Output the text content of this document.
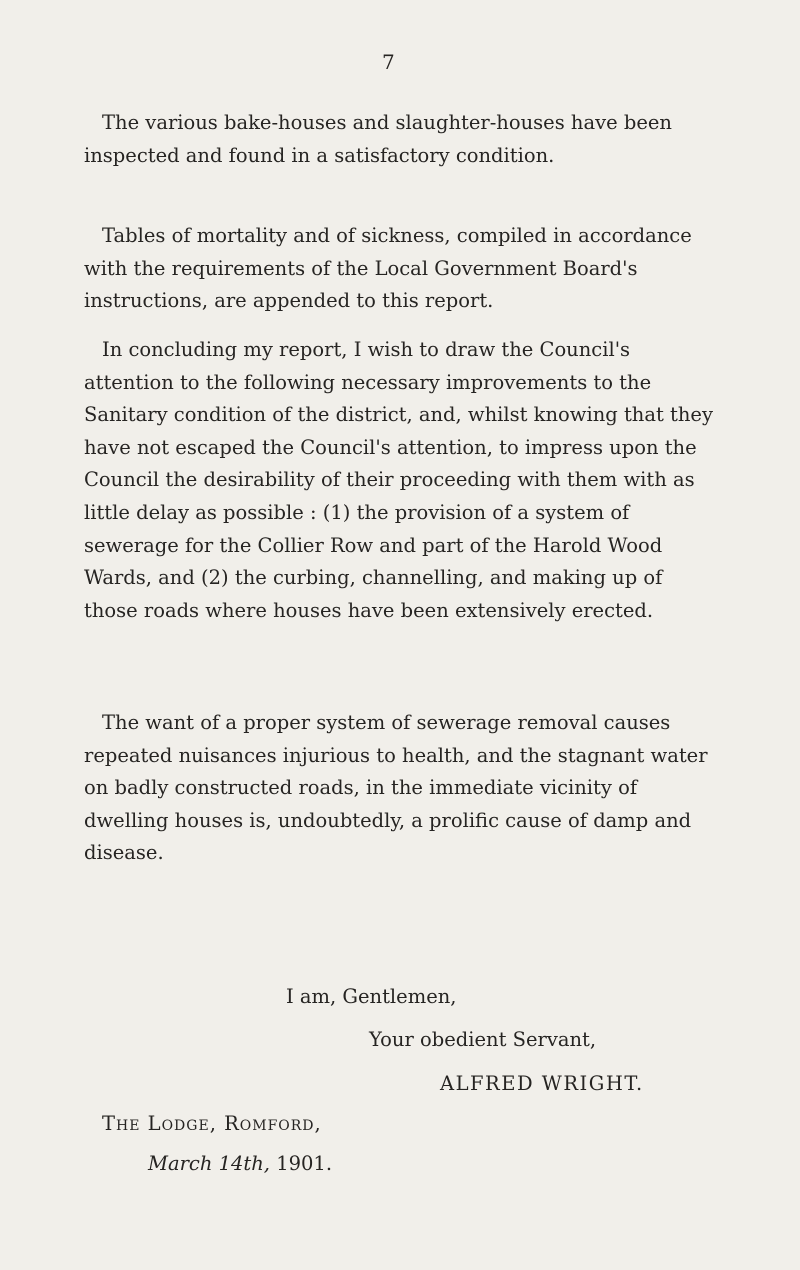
7

The various bake-houses and slaughter-houses have been inspected and found in a satisfactory condition.

Tables of mortality and of sickness, compiled in accordance with the requirements of the Local Government Board's instructions, are appended to this report.

In concluding my report, I wish to draw the Council's attention to the following necessary improvements to the Sanitary condition of the district, and, whilst knowing that they have not escaped the Council's attention, to impress upon the Council the desirability of their proceeding with them with as little delay as possible : (1) the provision of a system of sewerage for the Collier Row and part of the Harold Wood Wards, and (2) the curbing, channelling, and making up of those roads where houses have been extensively erected.

The want of a proper system of sewerage removal causes repeated nuisances injurious to health, and the stagnant water on badly constructed roads, in the immediate vicinity of dwelling houses is, undoubtedly, a prolific cause of damp and disease.

I am, Gentlemen,
Your obedient Servant,
ALFRED WRIGHT.
The Lodge, Romford,
March 14th, 1901.
